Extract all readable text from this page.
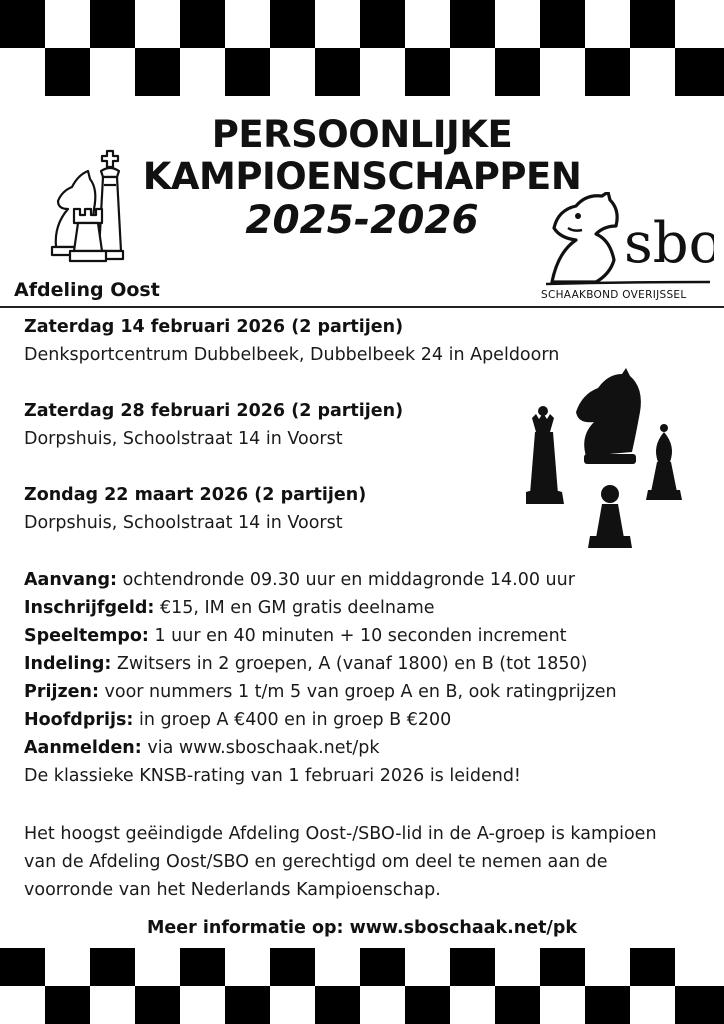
PERSOONLIJKE
KAMPIOENSCHAPPEN
2025-2026
Afdeling Oost
sbo
SCHAAKBOND OVERIJSSEL
Zaterdag 14 februari 2026 (2 partijen)
Denksportcentrum Dubbelbeek, Dubbelbeek 24 in Apeldoorn
Zaterdag 28 februari 2026 (2 partijen)
Dorpshuis, Schoolstraat 14 in Voorst
Zondag 22 maart 2026 (2 partijen)
Dorpshuis, Schoolstraat 14 in Voorst
Aanvang: ochtendronde 09.30 uur en middagronde 14.00 uur
Inschrijfgeld: €15, IM en GM gratis deelname
Speeltempo: 1 uur en 40 minuten + 10 seconden increment
Indeling: Zwitsers in 2 groepen, A (vanaf 1800) en B (tot 1850)
Prijzen: voor nummers 1 t/m 5 van groep A en B, ook ratingprijzen
Hoofdprijs: in groep A €400 en in groep B €200
Aanmelden: via www.sboschaak.net/pk
De klassieke KNSB-rating van 1 februari 2026 is leidend!
Het hoogst geëindigde Afdeling Oost-/SBO-lid in de A-groep is kampioen
van de Afdeling Oost/SBO en gerechtigd om deel te nemen aan de
voorronde van het Nederlands Kampioenschap.
Meer informatie op: www.sboschaak.net/pk
